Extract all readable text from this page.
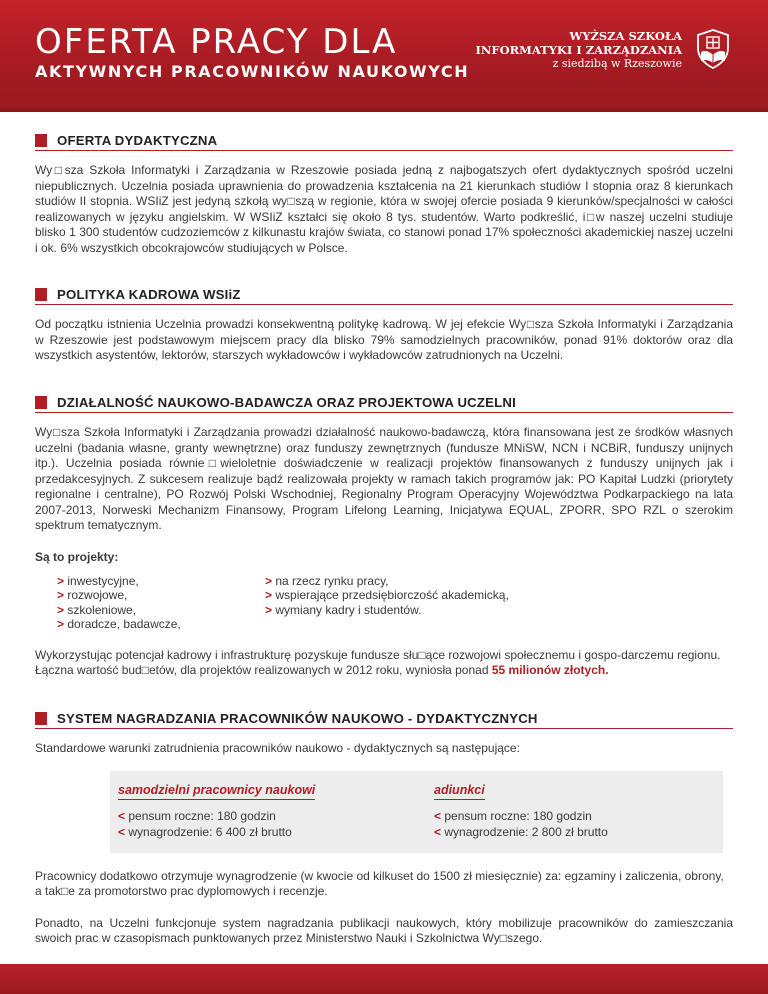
OFERTA PRACY DLA
AKTYWNYCH PRACOWNIKÓW NAUKOWYCH
WYŻSZA SZKOŁA
INFORMATYKI I ZARZĄDZANIA
z siedzibą w Rzeszowie
OFERTA DYDAKTYCZNA

Wy□sza Szkoła Informatyki i Zarządzania w Rzeszowie posiada jedną z najbogatszych ofert dydaktycznych spośród uczelni niepublicznych. Uczelnia posiada uprawnienia do prowadzenia kształcenia na 21 kierunkach studiów I stopnia oraz 8 kierunkach studiów II stopnia. WSIiZ jest jedyną szkołą wy□szą w regionie, która w swojej ofercie posiada 9 kierunków/specjalności w całości realizowanych w języku angielskim. W WSIiZ kształci się około 8 tys. studentów. Warto podkreślić, i□w naszej uczelni studiuje blisko 1 300 studentów cudzoziemców z kilkunastu krajów świata, co stanowi ponad 17% społeczności akademickiej naszej uczelni i ok. 6% wszystkich obcokrajowców studiujących w Polsce.

POLITYKA KADROWA WSIiZ

Od początku istnienia Uczelnia prowadzi konsekwentną politykę kadrową. W jej efekcie Wy□sza Szkoła Informatyki i Zarządzania w Rzeszowie jest podstawowym miejscem pracy dla blisko 79% samodzielnych pracowników, ponad 91% doktorów oraz dla wszystkich asystentów, lektorów, starszych wykładowców i wykładowców zatrudnionych na Uczelni.

DZIAŁALNOŚĆ NAUKOWO-BADAWCZA ORAZ PROJEKTOWA UCZELNI

Wy□sza Szkoła Informatyki i Zarządzania prowadzi działalność naukowo-badawczą, która finansowana jest ze środków własnych uczelni (badania własne, granty wewnętrzne) oraz funduszy zewnętrznych (fundusze MNiSW, NCN i NCBiR, funduszy unijnych itp.). Uczelnia posiada równie□wieloletnie doświadczenie w realizacji projektów finansowanych z funduszy unijnych jak i przedakcesyjnych. Z sukcesem realizuje bądź realizowała projekty w ramach takich programów jak: PO Kapitał Ludzki (priorytety regionalne i centralne), PO Rozwój Polski Wschodniej, Regionalny Program Operacyjny Województwa Podkarpackiego na lata 2007-2013, Norweski Mechanizm Finansowy, Program Lifelong Learning, Inicjatywa EQUAL, ZPORR, SPO RZL o szerokim spektrum tematycznym.

Są to projekty:
> inwestycyjne,
> rozwojowe,
> szkoleniowe,
> doradcze, badawcze,
> na rzecz rynku pracy,
> wspierające przedsiębiorczość akademicką,
> wymiany kadry i studentów.

Wykorzystując potencjał kadrowy i infrastrukturę pozyskuje fundusze słu□ące rozwojowi społecznemu i gospo-darczemu regionu.

Łączna wartość bud□etów, dla projektów realizowanych w 2012 roku, wyniosła ponad 55 milionów złotych.

SYSTEM NAGRADZANIA PRACOWNIKÓW NAUKOWO - DYDAKTYCZNYCH

Standardowe warunki zatrudnienia pracowników naukowo - dydaktycznych są następujące:

samodzielni pracownicy naukowi
< pensum roczne: 180 godzin
< wynagrodzenie: 6 400 zł brutto
adiunkci
< pensum roczne: 180 godzin
< wynagrodzenie: 2 800 zł brutto

Pracownicy dodatkowo otrzymuje wynagrodzenie (w kwocie od kilkuset do 1500 zł miesięcznie) za: egzaminy i zaliczenia, obrony, a tak□e za promotorstwo prac dyplomowych i recenzje.

Ponadto, na Uczelni funkcjonuje system nagradzania publikacji naukowych, który mobilizuje pracowników do zamieszczania swoich prac w czasopismach punktowanych przez Ministerstwo Nauki i Szkolnictwa Wy□szego.
